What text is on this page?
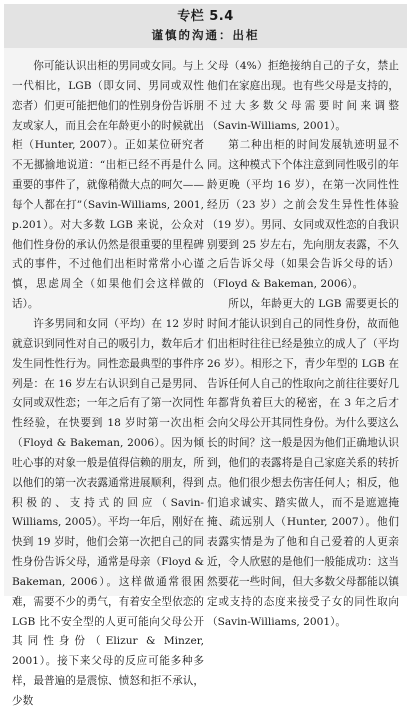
专栏 5.4
谨慎的沟通：出柜

你可能认识出柜的男同或女同。与上一代相比，LGB（即女同、男同或双性恋者）们更可能把他们的性别身份告诉朋友或家人，而且会在年龄更小的时候就出柜（Hunter, 2007）。正如某位研究者不无挪揄地说道：“出柜已经不再是什么重要的事件了，就像稍微大点的呵欠——每个人都在打”（Savin-Williams, 2001, p.201）。对大多数 LGB 来说，公众对他们性身份的承认仍然是很重要的里程碑式的事件，不过他们出柜时常常小心谨慎，思虑周全（如果他们会这样做的话）。

许多男同和女同（平均）在 12 岁时就意识到同性对自己的吸引力，数年后才发生同性性行为。同性恋最典型的事件序列是：在 16 岁左右认识到自己是男同、女同或双性恋；一年之后有了第一次同性性经验，在快要到 18 岁时第一次出柜（Floyd & Bakeman, 2006）。因为倾吐心事的对象一般是值得信赖的朋友，所以他们的第一次表露通常进展顺利，得到积极的、支持式的回应（Savin-Williams, 2005）。平均一年后，刚好在快到 19 岁时，他们会第一次把自己的同性身份告诉父母，通常是母亲（Floyd & Bakeman, 2006）。这样做通常很困难，需要不少的勇气，有着安全型依恋的 LGB 比不安全型的人更可能向父母公开其同性身份（Elizur & Minzer, 2001）。接下来父母的反应可能多种多样，最普遍的是震惊、愤怒和拒不承认，少数

父母（4%）拒绝接纳自己的子女，禁止他们在家庭出现。也有些父母是支持的，不过大多数父母需要时间来调整（Savin-Williams, 2001）。

第二种出柜的时间发展轨迹明显不同。这种模式下个体注意到同性吸引的年龄更晚（平均 16 岁），在第一次同性性经历（23 岁）之前会发生异性性体验（19 岁）。男同、女同或双性恋的自我识别要到 25 岁左右，先向朋友表露，不久之后告诉父母（如果会告诉父母的话）（Floyd & Bakeman, 2006）。

所以，年龄更大的 LGB 需要更长的时间才能认识到自己的同性身份，故而他们出柜时往往已经是独立的成人了（平均 26 岁）。相形之下，青少年型的 LGB 在告诉任何人自己的性取向之前往往要好几年都背负着巨大的秘密，在 3 年之后才会向父母公开其同性身份。为什么要这么长的时间？这一般是因为他们正确地认识到，他们的表露将是自己家庭关系的转折点。他们很少想去伤害任何人；相反，他们追求诚实、踏实做人，而不是遮遮掩掩、疏远别人（Hunter, 2007）。他们表露实情是为了他和自己爱着的人更亲近，令人欣慰的是他们一般能成功：这当然要花一些时间，但大多数父母都能以镇定或支持的态度来接受子女的同性取向（Savin-Williams, 2001）。
